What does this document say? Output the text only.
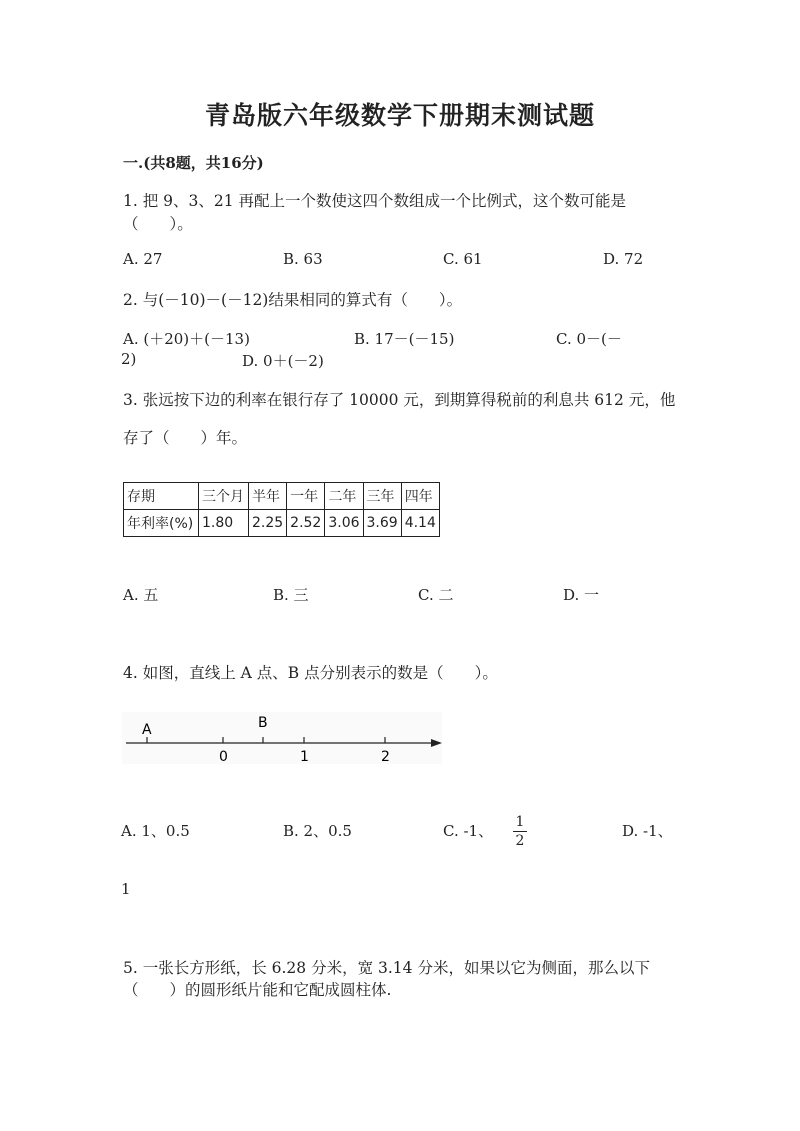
青岛版六年级数学下册期末测试题
一.(共8题，共16分)
1. 把 9、3、21 再配上一个数使这四个数组成一个比例式，这个数可能是
（　　）。
A. 27	B. 63	C. 61	D. 72
2. 与(－10)－(－12)结果相同的算式有（　　）。
A. (＋20)＋(－13)	B. 17－(－15)	C. 0－(－
2)	D. 0＋(－2)
3. 张远按下边的利率在银行存了 10000 元，到期算得税前的利息共 612 元，他
存了（　　）年。
存期	三个月	半年	一年	二年	三年	四年
年利率(%)	1.80	2.25	2.52	3.06	3.69	4.14
A. 五	B. 三	C. 二	D. 一
4. 如图，直线上 A 点、B 点分别表示的数是（　　）。
A	B
0	1	2
A. 1、0.5	B. 2、0.5	C. -1、 1
2
D. -1、
1
5. 一张长方形纸，长 6.28 分米，宽 3.14 分米，如果以它为侧面，那么以下
（　　）的圆形纸片能和它配成圆柱体.
